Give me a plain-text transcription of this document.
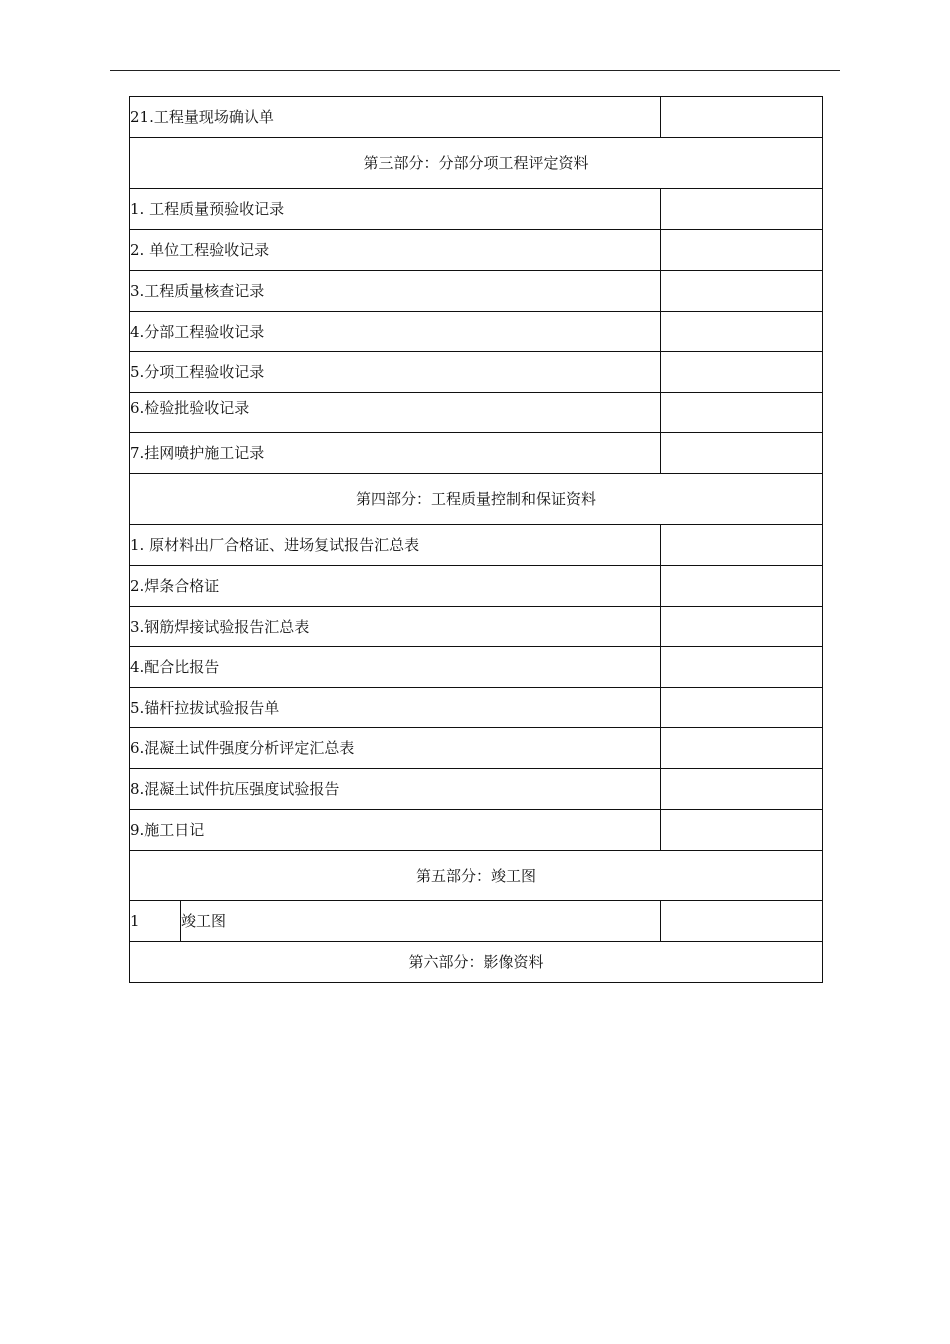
21.工程量现场确认单		
第三部分：分部分项工程评定资料		
1. 工程质量预验收记录		
2. 单位工程验收记录		
3.工程质量核查记录		
4.分部工程验收记录		
5.分项工程验收记录		
6.检验批验收记录		
7.挂网喷护施工记录		
第四部分：工程质量控制和保证资料		
1. 原材料出厂合格证、进场复试报告汇总表		
2.焊条合格证		
3.钢筋焊接试验报告汇总表		
4.配合比报告		
5.锚杆拉拔试验报告单		
6.混凝土试件强度分析评定汇总表		
8.混凝土试件抗压强度试验报告		
9.施工日记		
第五部分：竣工图		
1	竣工图	
第六部分：影像资料		
